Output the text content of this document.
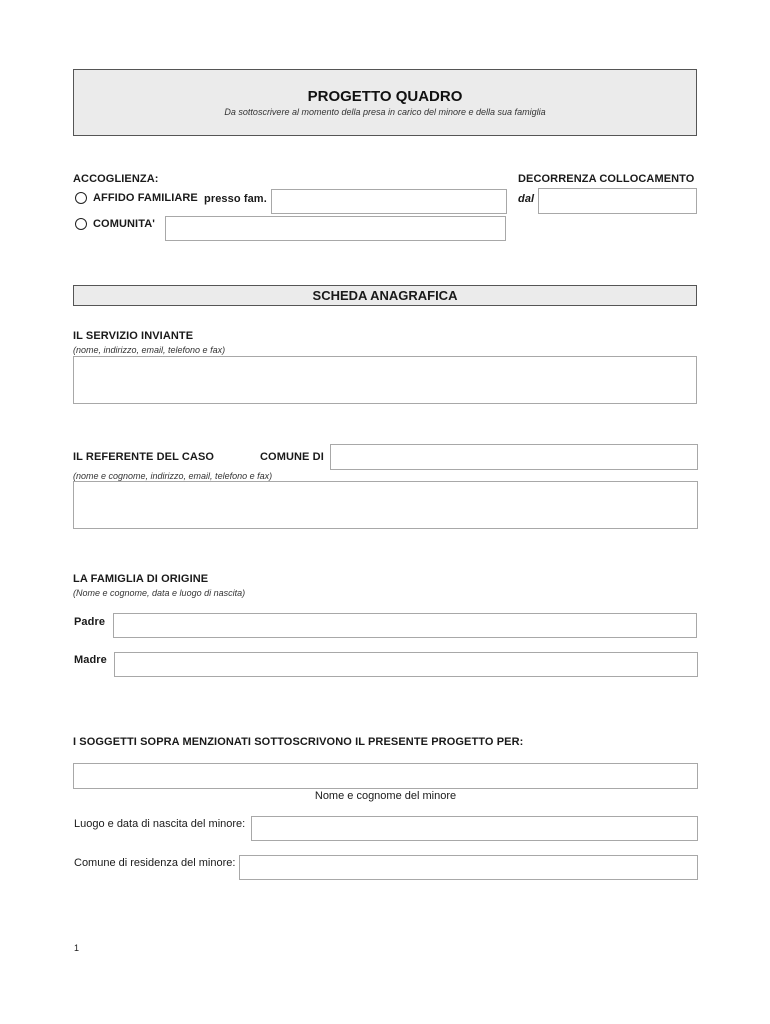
PROGETTO QUADRO
Da sottoscrivere al momento della presa in carico del minore e della sua famiglia
ACCOGLIENZA:
AFFIDO FAMILIARE presso fam.
COMUNITA'
DECORRENZA COLLOCAMENTO
dal
SCHEDA ANAGRAFICA
IL SERVIZIO INVIANTE
(nome, indirizzo, email, telefono e fax)
IL REFERENTE DEL CASO	COMUNE DI
(nome e cognome, indirizzo, email, telefono e fax)
LA FAMIGLIA DI ORIGINE
(Nome e cognome, data e luogo di nascita)
Padre
Madre
I SOGGETTI SOPRA MENZIONATI SOTTOSCRIVONO IL PRESENTE PROGETTO PER:
Nome e cognome del minore
Luogo e data di nascita del minore:
Comune di residenza del minore:
1
